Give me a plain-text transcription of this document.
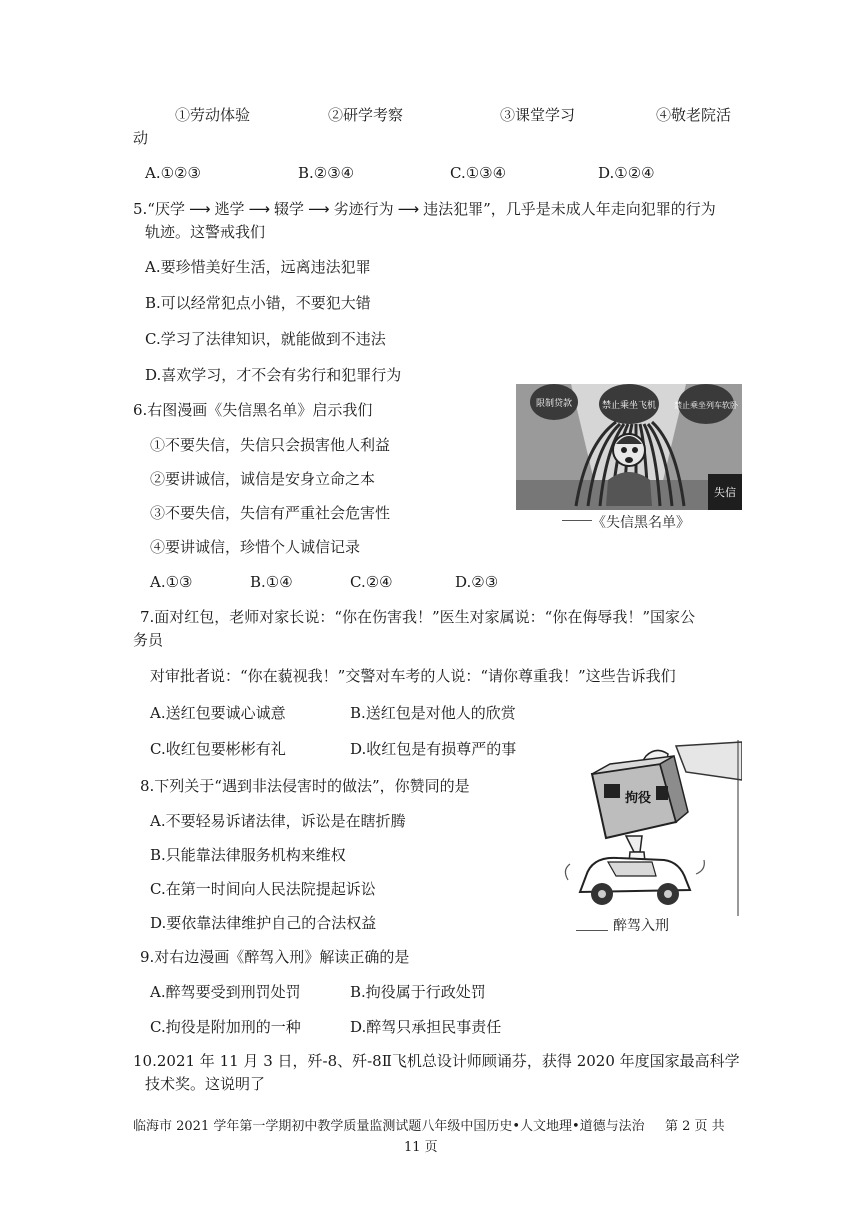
①劳动体验	②研学考察	③课堂学习	④敬老院活
动
A.①②③	B.②③④	C.①③④	D.①②④
5.“厌学 ⟶ 逃学 ⟶ 辍学 ⟶ 劣迹行为 ⟶ 违法犯罪”，几乎是未成人年走向犯罪的行为
轨迹。这警戒我们
A.要珍惜美好生活，远离违法犯罪
B.可以经常犯点小错，不要犯大错
C.学习了法律知识，就能做到不违法
D.喜欢学习，才不会有劣行和犯罪行为
6.右图漫画《失信黑名单》启示我们
①不要失信，失信只会损害他人利益
②要讲诚信，诚信是安身立命之本
③不要失信，失信有严重社会危害性
④要讲诚信，珍惜个人诚信记录
A.①③	B.①④	C.②④	D.②③
限制贷款	禁止乘坐飞机 禁止乘坐列车软卧
失信
《失信黑名单》
7.面对红包，老师对家长说：“你在伤害我！”医生对家属说：“你在侮辱我！”国家公
务员
对审批者说：“你在藐视我！”交警对车考的人说：“请你尊重我！”这些告诉我们
A.送红包要诚心诚意	B.送红包是对他人的欣赏
C.收红包要彬彬有礼	D.收红包是有损尊严的事
8.下列关于“遇到非法侵害时的做法”，你赞同的是
A.不要轻易诉诸法律，诉讼是在瞎折腾
B.只能靠法律服务机构来维权
C.在第一时间向人民法院提起诉讼
D.要依靠法律维护自己的合法权益
拘役
醉驾入刑
9.对右边漫画《醉驾入刑》解读正确的是
A.醉驾要受到刑罚处罚	B.拘役属于行政处罚
C.拘役是附加刑的一种	D.醉驾只承担民事责任
10.2021 年 11 月 3 日，歼-8、歼-8Ⅱ飞机总设计师顾诵芬，获得 2020 年度国家最高科学
技术奖。这说明了
临海市 2021 学年第一学期初中教学质量监测试题八年级中国历史•人文地理•道德与法治 第 2 页 共
11 页
